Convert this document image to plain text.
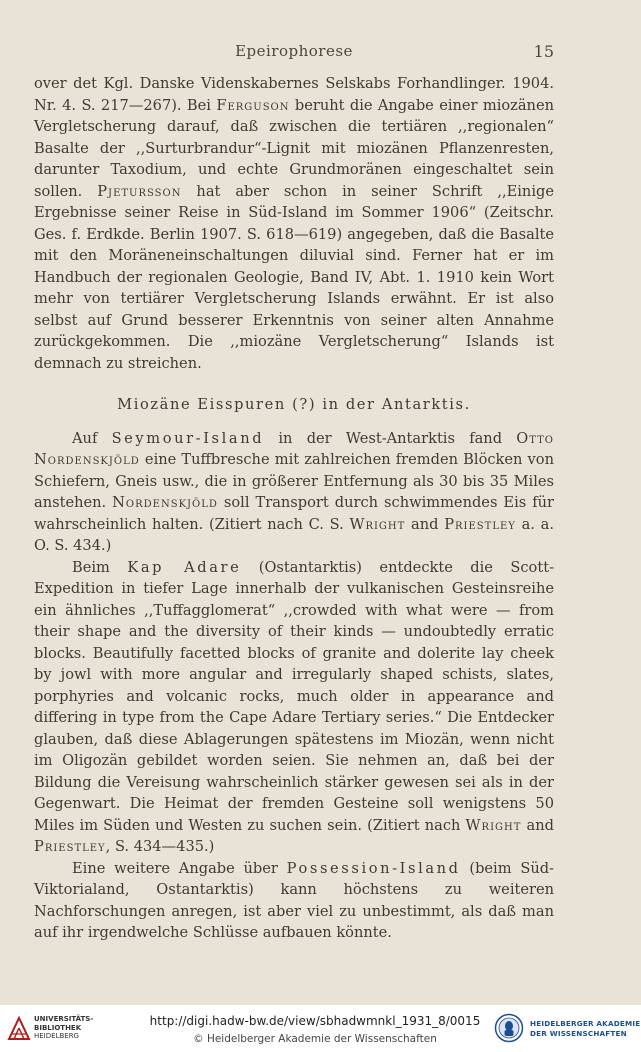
Epeirophorese	15

over det Kgl. Danske Videnskabernes Selskabs Forhandlinger. 1904. Nr. 4. S. 217—267). Bei Ferguson beruht die Angabe einer miozänen Vergletscherung darauf, daß zwischen die tertiären ,,regionalen“ Basalte der ,,Surturbrandur“-Lignit mit miozänen Pflanzenresten, darunter Taxodium, und echte Grundmoränen eingeschaltet sein sollen. Pjetursson hat aber schon in seiner Schrift ,,Einige Ergebnisse seiner Reise in Süd-Island im Sommer 1906“ (Zeitschr. Ges. f. Erdkde. Berlin 1907. S. 618—619) angegeben, daß die Basalte mit den Moräneneinschaltungen diluvial sind. Ferner hat er im Handbuch der regionalen Geologie, Band IV, Abt. 1. 1910 kein Wort mehr von tertiärer Vergletscherung Islands erwähnt. Er ist also selbst auf Grund besserer Erkenntnis von seiner alten Annahme zurückgekommen. Die ,,miozäne Vergletscherung“ Islands ist demnach zu streichen.

Miozäne Eisspuren (?) in der Antarktis.

Auf Seymour-Island in der West-Antarktis fand Otto Nordenskjöld eine Tuffbresche mit zahlreichen fremden Blöcken von Schiefern, Gneis usw., die in größerer Entfernung als 30 bis 35 Miles anstehen. Nordenskjöld soll Transport durch schwimmendes Eis für wahrscheinlich halten. (Zitiert nach C. S. Wright and Priestley a. a. O. S. 434.)

Beim Kap Adare (Ostantarktis) entdeckte die Scott-Expedition in tiefer Lage innerhalb der vulkanischen Gesteinsreihe ein ähnliches ,,Tuffagglomerat“ ,,crowded with what were — from their shape and the diversity of their kinds — undoubtedly erratic blocks. Beautifully facetted blocks of granite and dolerite lay cheek by jowl with more angular and irregularly shaped schists, slates, porphyries and volcanic rocks, much older in appearance and differing in type from the Cape Adare Tertiary series.“ Die Entdecker glauben, daß diese Ablagerungen spätestens im Miozän, wenn nicht im Oligozän gebildet worden seien. Sie nehmen an, daß bei der Bildung die Vereisung wahrscheinlich stärker gewesen sei als in der Gegenwart. Die Heimat der fremden Gesteine soll wenigstens 50 Miles im Süden und Westen zu suchen sein. (Zitiert nach Wright and Priestley, S. 434—435.)

Eine weitere Angabe über Possession-Island (beim Süd-Viktorialand, Ostantarktis) kann höchstens zu weiteren Nachforschungen anregen, ist aber viel zu unbestimmt, als daß man auf ihr irgendwelche Schlüsse aufbauen könnte.

UNIVERSITÄTS-
BIBLIOTHEK
HEIDELBERG
http://digi.hadw-bw.de/view/sbhadwmnkl_1931_8/0015
© Heidelberger Akademie der Wissenschaften
HEIDELBERGER AKADEMIE
DER WISSENSCHAFTEN
